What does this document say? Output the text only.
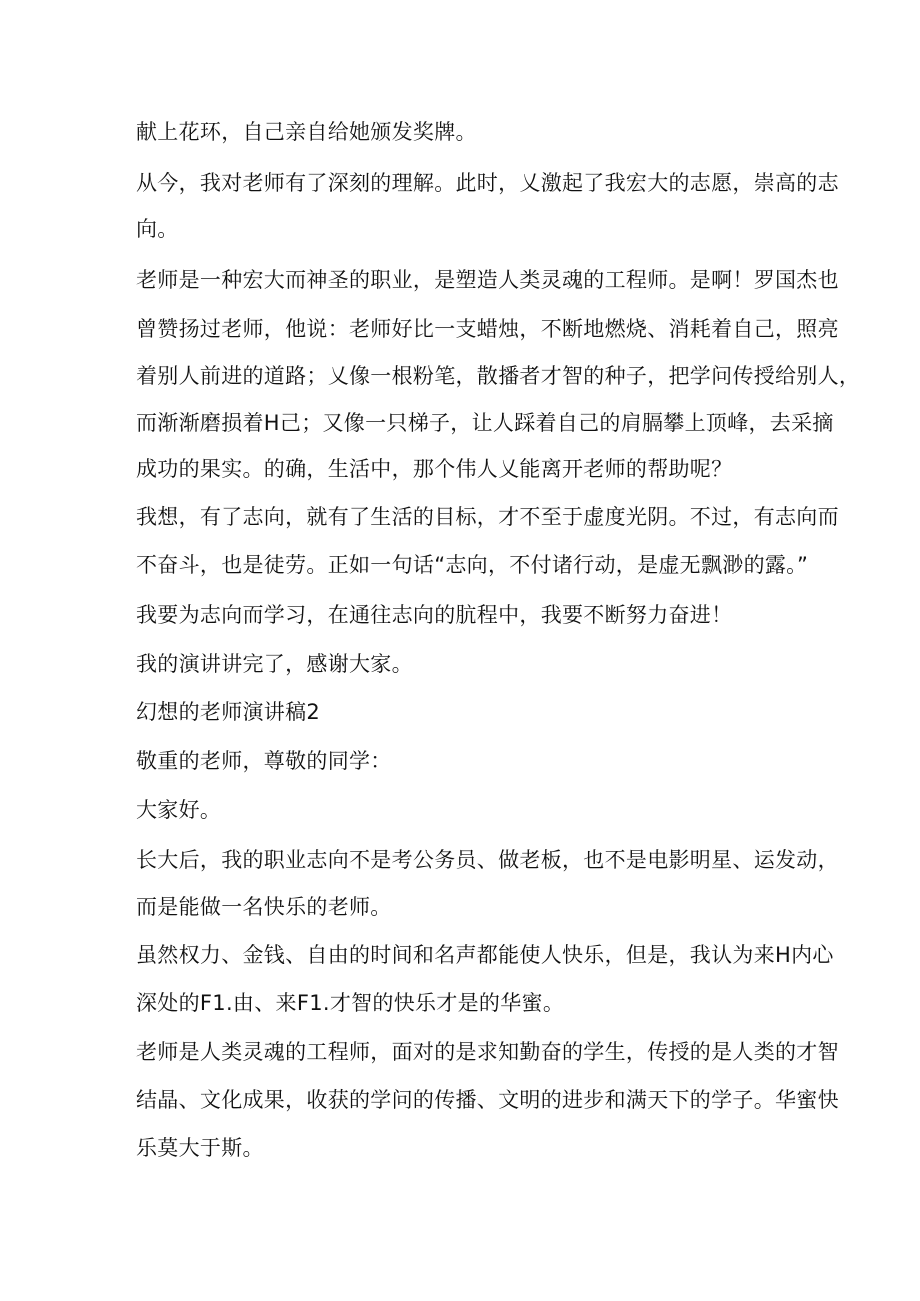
献上花环，自己亲自给她颁发奖牌。
从今，我对老师有了深刻的理解。此时，乂激起了我宏大的志愿，崇高的志
向。
老师是一种宏大而神圣的职业，是塑造人类灵魂的工程师。是啊！罗国杰也
曾赞扬过老师，他说：老师好比一支蜡烛，不断地燃烧、消耗着自己，照亮
着别人前进的道路；乂像一根粉笔，散播者才智的种子，把学问传授给别人，
而渐渐磨损着H己；又像一只梯子，让人踩着自己的肩膈攀上顶峰，去采摘
成功的果实。的确，生活中，那个伟人乂能离开老师的帮助呢？
我想，有了志向，就有了生活的目标，才不至于虚度光阴。不过，有志向而
不奋斗，也是徒劳。正如一句话“志向，不付诸行动，是虚无飘渺的露。”
我要为志向而学习，在通往志向的肮程中，我要不断努力奋进！
我的演讲讲完了，感谢大家。
幻想的老师演讲稿2
敬重的老师，尊敬的同学：
大家好。
长大后，我的职业志向不是考公务员、做老板，也不是电影明星、运发动，
而是能做一名快乐的老师。
虽然权力、金钱、自由的时间和名声都能使人快乐，但是，我认为来H内心
深处的F1.由、来F1.才智的快乐才是的华蜜。
老师是人类灵魂的工程师，面对的是求知勤奋的学生，传授的是人类的才智
结晶、文化成果，收获的学问的传播、文明的进步和满天下的学子。华蜜快
乐莫大于斯。
